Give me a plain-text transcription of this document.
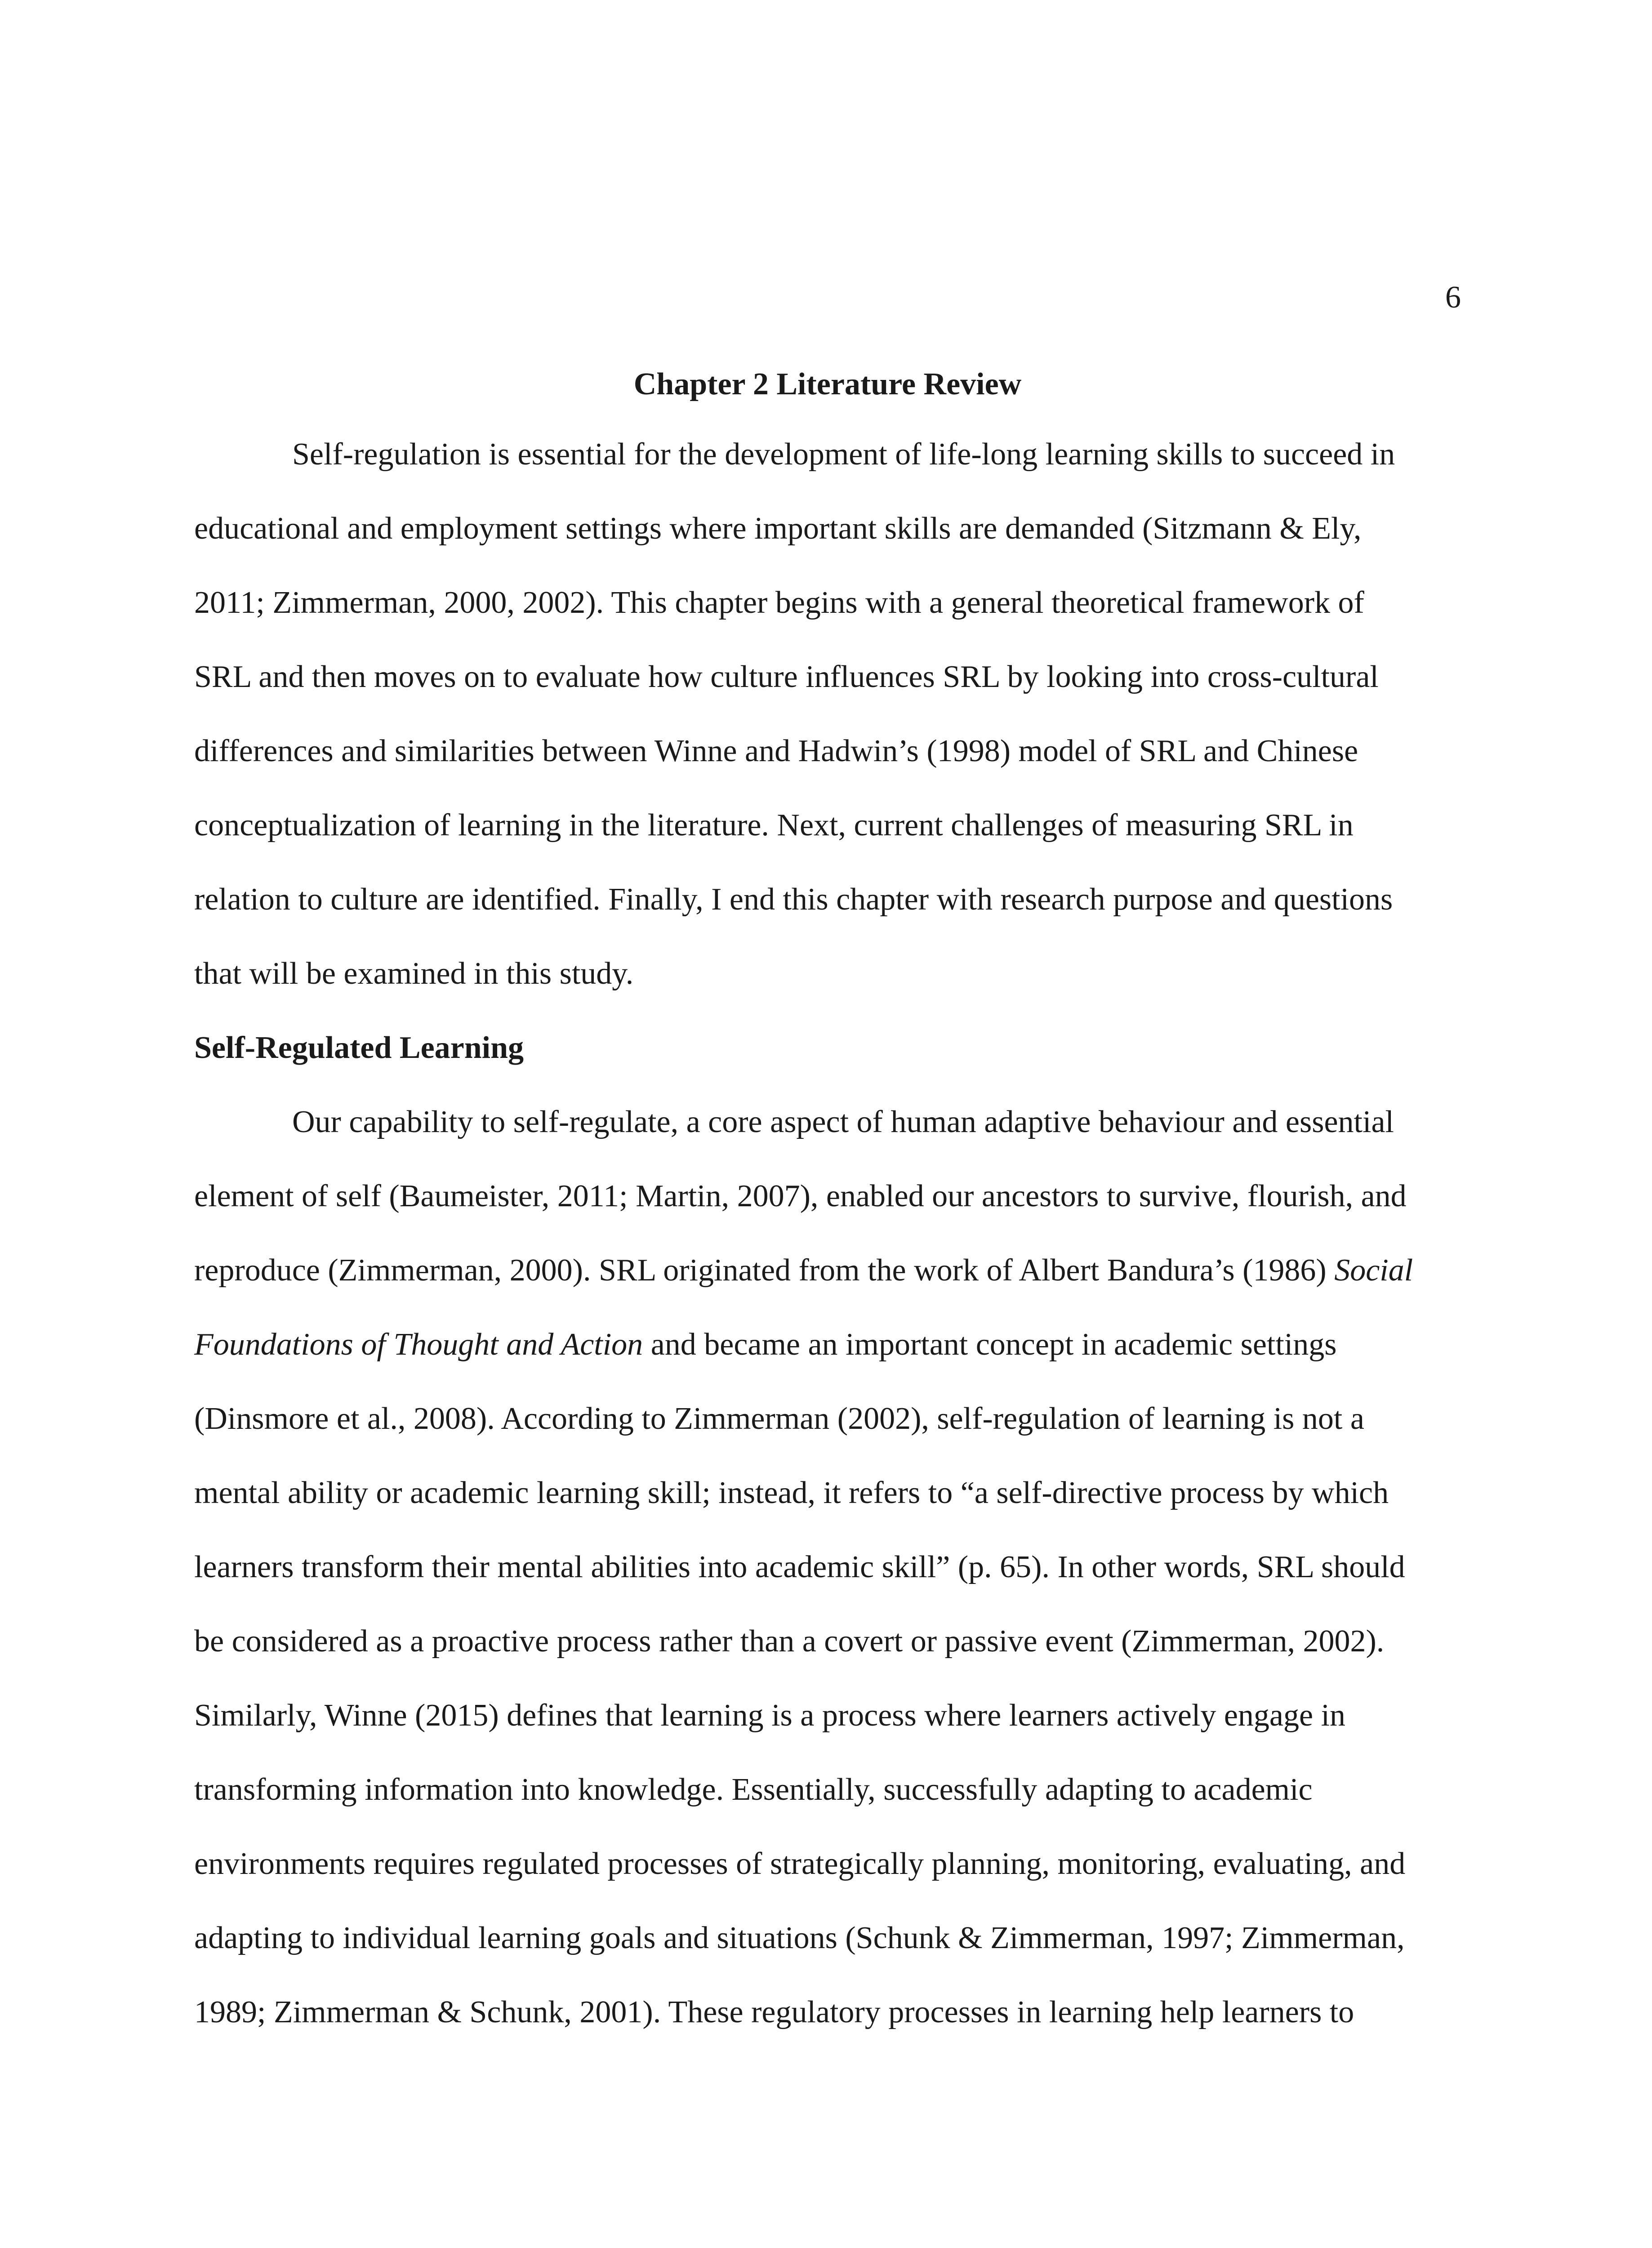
6
Chapter 2 Literature Review
Self-regulation is essential for the development of life-long learning skills to succeed in
educational and employment settings where important skills are demanded (Sitzmann & Ely,
2011; Zimmerman, 2000, 2002). This chapter begins with a general theoretical framework of
SRL and then moves on to evaluate how culture influences SRL by looking into cross-cultural
differences and similarities between Winne and Hadwin’s (1998) model of SRL and Chinese
conceptualization of learning in the literature. Next, current challenges of measuring SRL in
relation to culture are identified. Finally, I end this chapter with research purpose and questions
that will be examined in this study.
Self-Regulated Learning
Our capability to self-regulate, a core aspect of human adaptive behaviour and essential
element of self (Baumeister, 2011; Martin, 2007), enabled our ancestors to survive, flourish, and
reproduce (Zimmerman, 2000). SRL originated from the work of Albert Bandura’s (1986) Social
Foundations of Thought and Action and became an important concept in academic settings
(Dinsmore et al., 2008). According to Zimmerman (2002), self-regulation of learning is not a
mental ability or academic learning skill; instead, it refers to “a self-directive process by which
learners transform their mental abilities into academic skill” (p. 65). In other words, SRL should
be considered as a proactive process rather than a covert or passive event (Zimmerman, 2002).
Similarly, Winne (2015) defines that learning is a process where learners actively engage in
transforming information into knowledge. Essentially, successfully adapting to academic
environments requires regulated processes of strategically planning, monitoring, evaluating, and
adapting to individual learning goals and situations (Schunk & Zimmerman, 1997; Zimmerman,
1989; Zimmerman & Schunk, 2001). These regulatory processes in learning help learners to
